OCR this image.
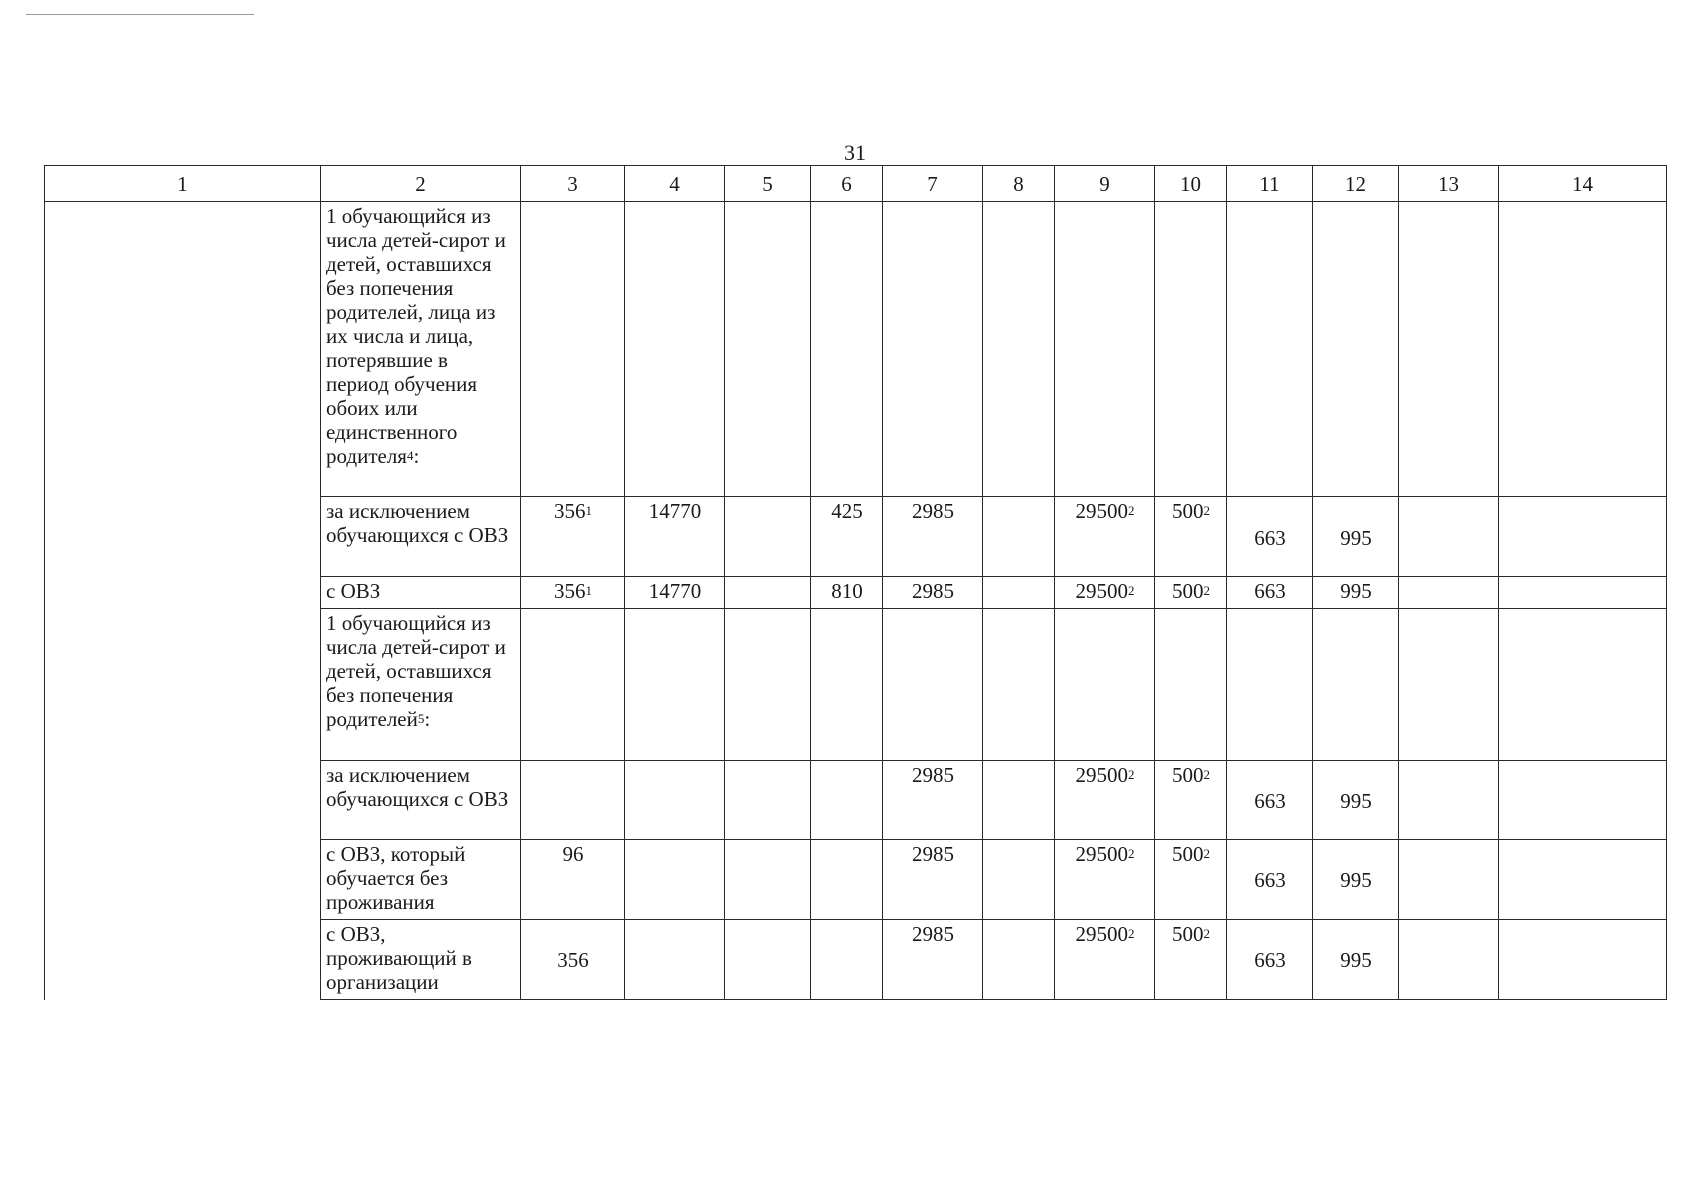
31
1	2	3	4	5	6	7	8	9	10	11	12	13	14
	1 обучающийся из числа детей-сирот и детей, оставшихся без попечения родителей, лица из их числа и лица, потерявшие в период обучения обоих или единственного родителя$^4$:												
	за исключением обучающихся с ОВЗ	$356^1$	14770		425	2985		29500$^2$	$500^2$	663	995		
	с ОВЗ	$356^1$	14770		810	2985		29500$^2$	$500^2$	663	995		
	1 обучающийся из числа детей-сирот и детей, оставшихся без попечения родителей$^5$:												
	за исключением обучающихся с ОВЗ					2985		29500$^2$	$500^2$	663	995		
	с ОВЗ, который обучается без проживания	96				2985		29500$^2$	$500^2$	663	995		
	с ОВЗ, проживающий в организации	356				2985		29500$^2$	$500^2$	663	995		
